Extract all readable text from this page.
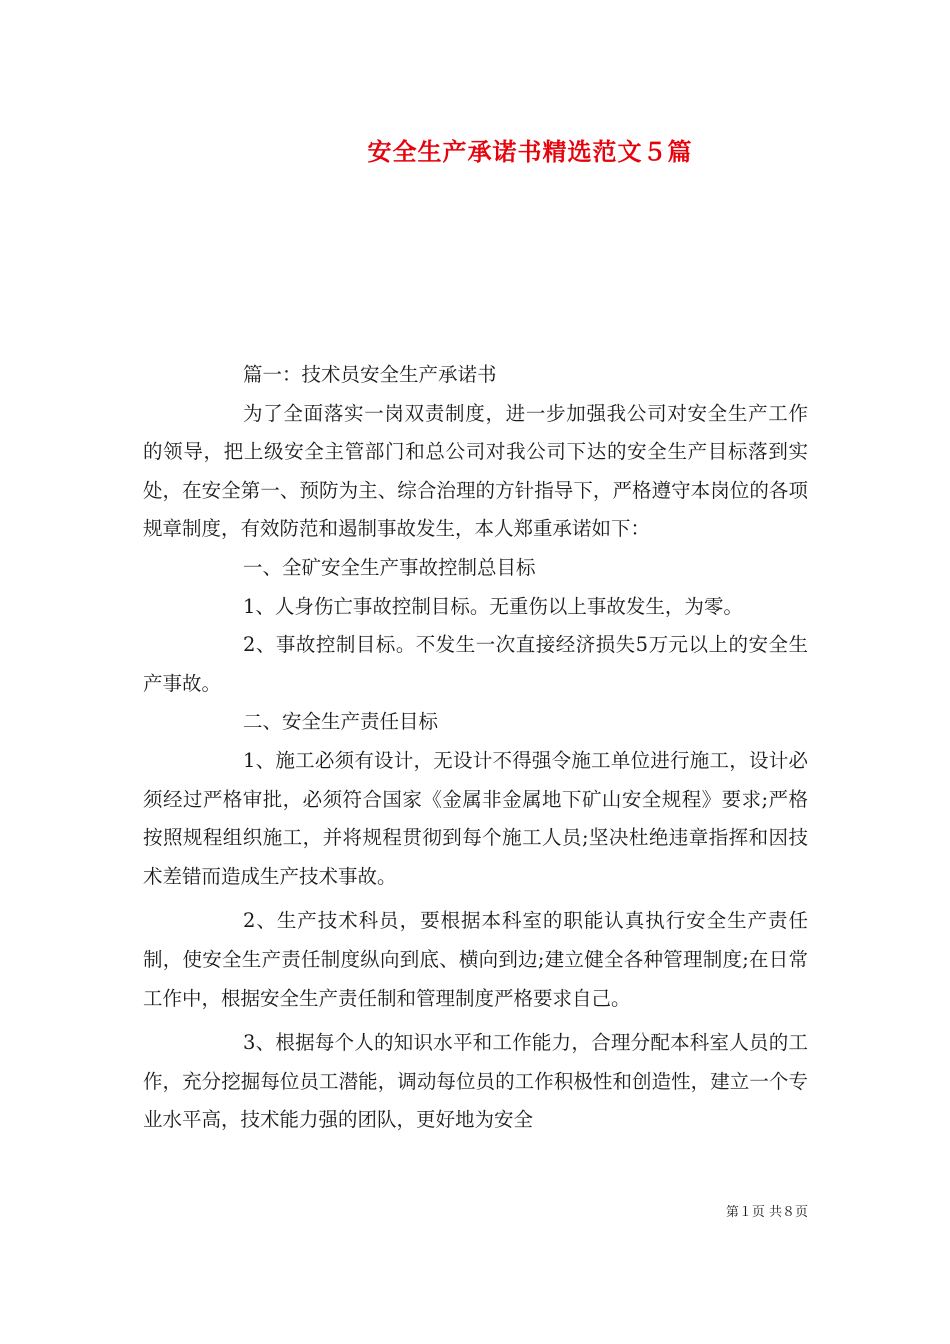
安全生产承诺书精选范文５篇

篇一：技术员安全生产承诺书

为了全面落实一岗双责制度，进一步加强我公司对安全生产工作的领导，把上级安全主管部门和总公司对我公司下达的安全生产目标落到实处，在安全第一、预防为主、综合治理的方针指导下，严格遵守本岗位的各项规章制度，有效防范和遏制事故发生，本人郑重承诺如下：

一、全矿安全生产事故控制总目标

1、人身伤亡事故控制目标。无重伤以上事故发生，为零。

2、事故控制目标。不发生一次直接经济损失5万元以上的安全生产事故。

二、安全生产责任目标

1、施工必须有设计，无设计不得强令施工单位进行施工，设计必须经过严格审批，必须符合国家《金属非金属地下矿山安全规程》要求;严格按照规程组织施工，并将规程贯彻到每个施工人员;坚决杜绝违章指挥和因技术差错而造成生产技术事故。

2、生产技术科员，要根据本科室的职能认真执行安全生产责任制，使安全生产责任制度纵向到底、横向到边;建立健全各种管理制度;在日常工作中，根据安全生产责任制和管理制度严格要求自己。

3、根据每个人的知识水平和工作能力，合理分配本科室人员的工作，充分挖掘每位员工潜能，调动每位员的工作积极性和创造性，建立一个专业水平高，技术能力强的团队，更好地为安全

第１页 共８页
